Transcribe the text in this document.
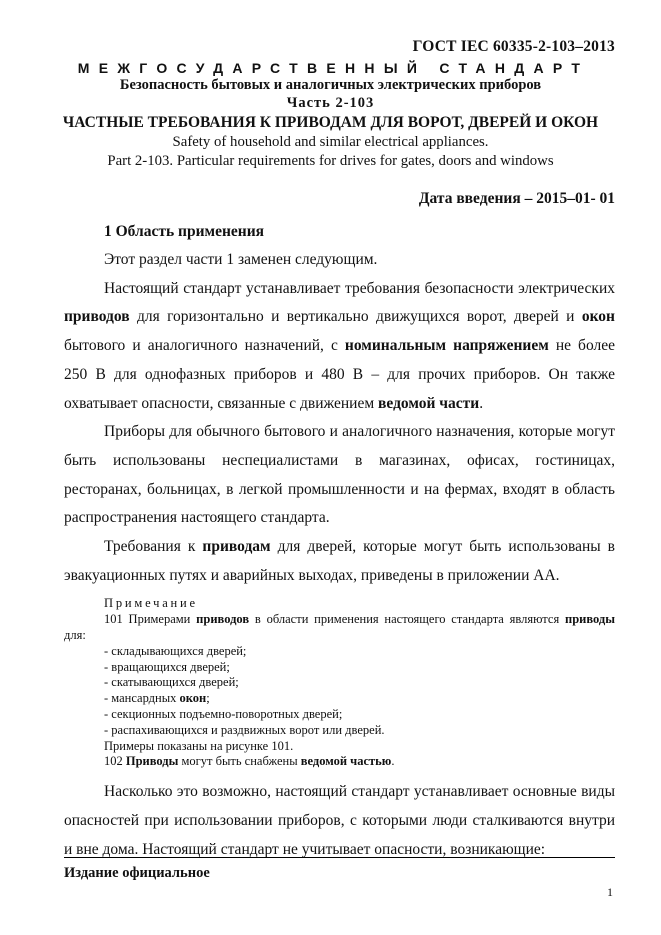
ГОСТ IEC 60335-2-103–2013
МЕЖГОСУДАРСТВЕННЫЙ СТАНДАРТ
Безопасность бытовых и аналогичных электрических приборов
Часть 2-103
ЧАСТНЫЕ ТРЕБОВАНИЯ К ПРИВОДАМ ДЛЯ ВОРОТ, ДВЕРЕЙ И ОКОН
Safety of household and similar electrical appliances.
Part 2-103. Particular requirements for drives for gates, doors and windows
Дата введения – 2015–01- 01

1 Область применения

Этот раздел части 1 заменен следующим.

Настоящий стандарт устанавливает требования безопасности электрических приводов для горизонтально и вертикально движущихся ворот, дверей и окон бытового и аналогичного назначений, с номинальным напряжением не более 250 В для однофазных приборов и 480 В – для прочих приборов. Он также охватывает опасности, связанные с движением ведомой части.

Приборы для обычного бытового и аналогичного назначения, которые могут быть использованы неспециалистами в магазинах, офисах, гостиницах, ресторанах, больницах, в легкой промышленности и на фермах, входят в область распространения настоящего стандарта.

Требования к приводам для дверей, которые могут быть использованы в эвакуационных путях и аварийных выходах, приведены в приложении АА.

Примечание
101 Примерами приводов в области применения настоящего стандарта являются приводы для:
- складывающихся дверей;
- вращающихся дверей;
- скатывающихся дверей;
- мансардных окон;
- секционных подъемно-поворотных дверей;
- распахивающихся и раздвижных ворот или дверей.
Примеры показаны на рисунке 101.
102 Приводы могут быть снабжены ведомой частью.

Насколько это возможно, настоящий стандарт устанавливает основные виды опасностей при использовании приборов, с которыми люди сталкиваются внутри и вне дома. Настоящий стандарт не учитывает опасности, возникающие:

Издание официальное
1
